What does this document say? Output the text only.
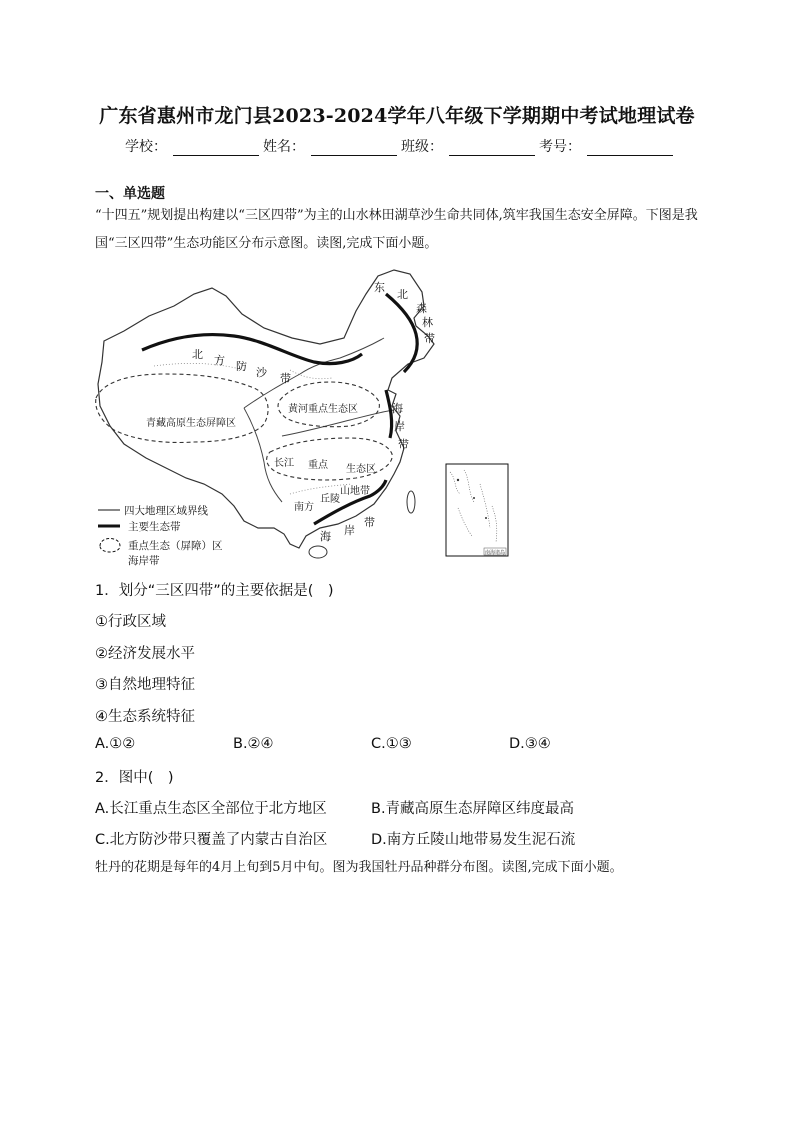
广东省惠州市龙门县2023-2024学年八年级下学期期中考试地理试卷
学校：	姓名：	班级：	考号：
一、单选题
“十四五”规划提出构建以“三区四带”为主的山水林田湖草沙生命共同体,筑牢我国生态安全屏障。下图是我国“三区四带”生态功能区分布示意图。读图,完成下面小题。
东
北
森
林
带
北 方 防 沙 带
黄河重点生态区
青藏高原生态屏障区
海
岸
带
长江 重点 生态区
南方
丘陵
山地带
海 岸
带
四大地理区域界线
主要生态带
重点生态（屏障）区
海岸带
南海诸岛
1．划分“三区四带”的主要依据是(　)
①行政区域
②经济发展水平
③自然地理特征
④生态系统特征
A.①②	B.②④	C.①③	D.③④
2．图中(　)
A.长江重点生态区全部位于北方地区	B.青藏高原生态屏障区纬度最高
C.北方防沙带只覆盖了内蒙古自治区	D.南方丘陵山地带易发生泥石流
牡丹的花期是每年的4月上旬到5月中旬。图为我国牡丹品种群分布图。读图,完成下面小题。
